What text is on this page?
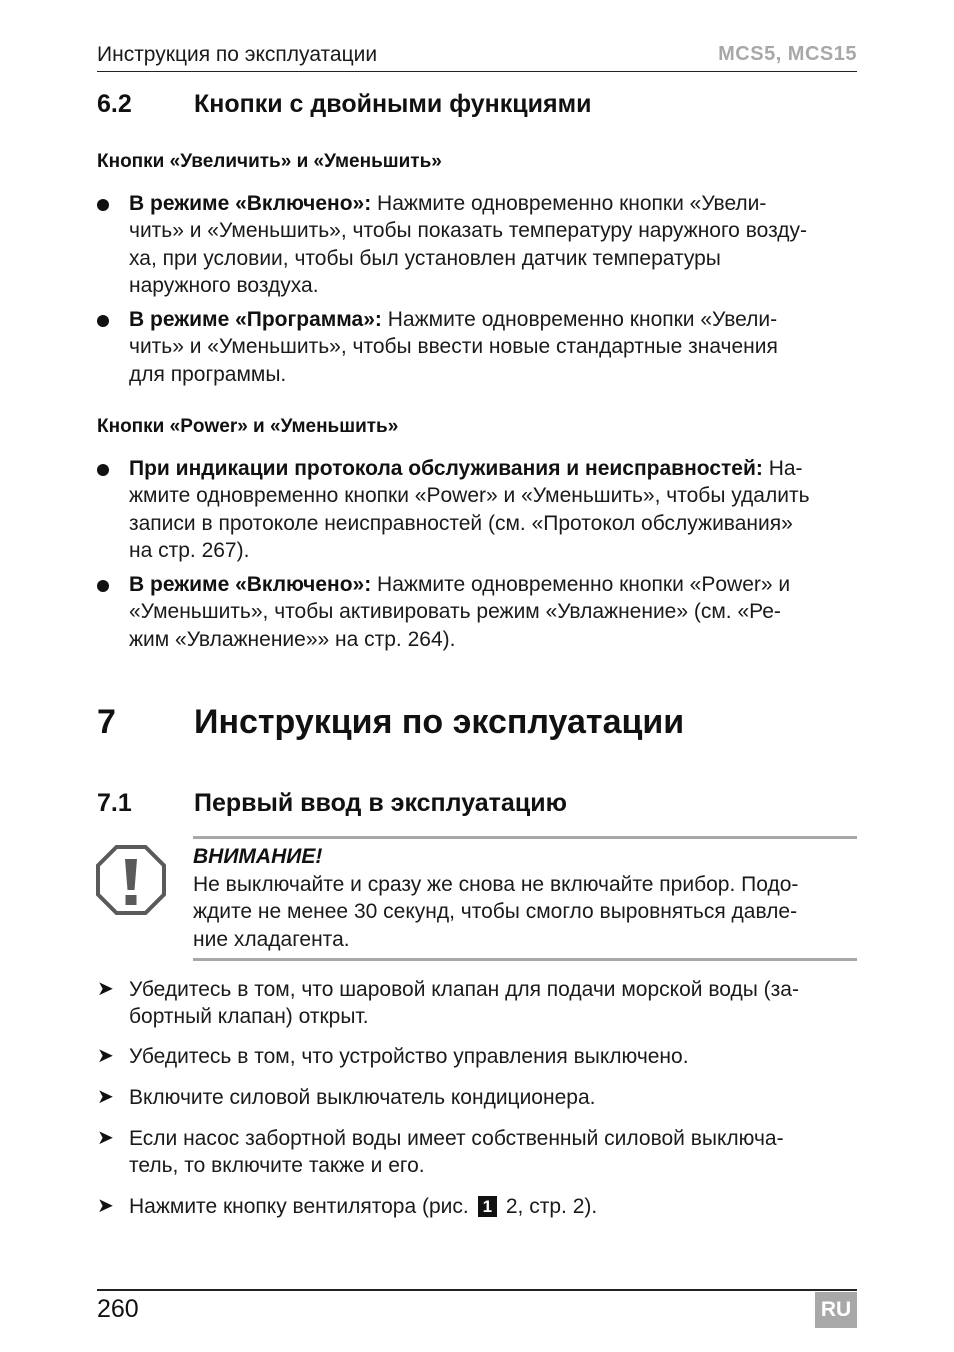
Инструкция по эксплуатации	MCS5, MCS15
6.2 Кнопки с двойными функциями
Кнопки «Увеличить» и «Уменьшить»
В режиме «Включено»: Нажмите одновременно кнопки «Увели-
чить» и «Уменьшить», чтобы показать температуру наружного возду-
ха, при условии, чтобы был установлен датчик температуры
наружного воздуха.
В режиме «Программа»: Нажмите одновременно кнопки «Увели-
чить» и «Уменьшить», чтобы ввести новые стандартные значения
для программы.
Кнопки «Power» и «Уменьшить»
При индикации протокола обслуживания и неисправностей: На-
жмите одновременно кнопки «Power» и «Уменьшить», чтобы удалить
записи в протоколе неисправностей (см. «Протокол обслуживания»
на стр. 267).
В режиме «Включено»: Нажмите одновременно кнопки «Power» и
«Уменьшить», чтобы активировать режим «Увлажнение» (см. «Ре-
жим «Увлажнение»» на стр. 264).
7 Инструкция по эксплуатации
7.1 Первый ввод в эксплуатацию
ВНИМАНИЕ!
Не выключайте и сразу же снова не включайте прибор. Подо-
ждите не менее 30 секунд, чтобы смогло выровняться давле-
ние хладагента.
➤ Убедитесь в том, что шаровой клапан для подачи морской воды (за-
бортный клапан) открыт.
➤ Убедитесь в том, что устройство управления выключено.
➤ Включите силовой выключатель кондиционера.
➤ Если насос забортной воды имеет собственный силовой выключа-
тель, то включите также и его.
➤ Нажмите кнопку вентилятора (рис. 1 2, стр. 2).
260	RU
